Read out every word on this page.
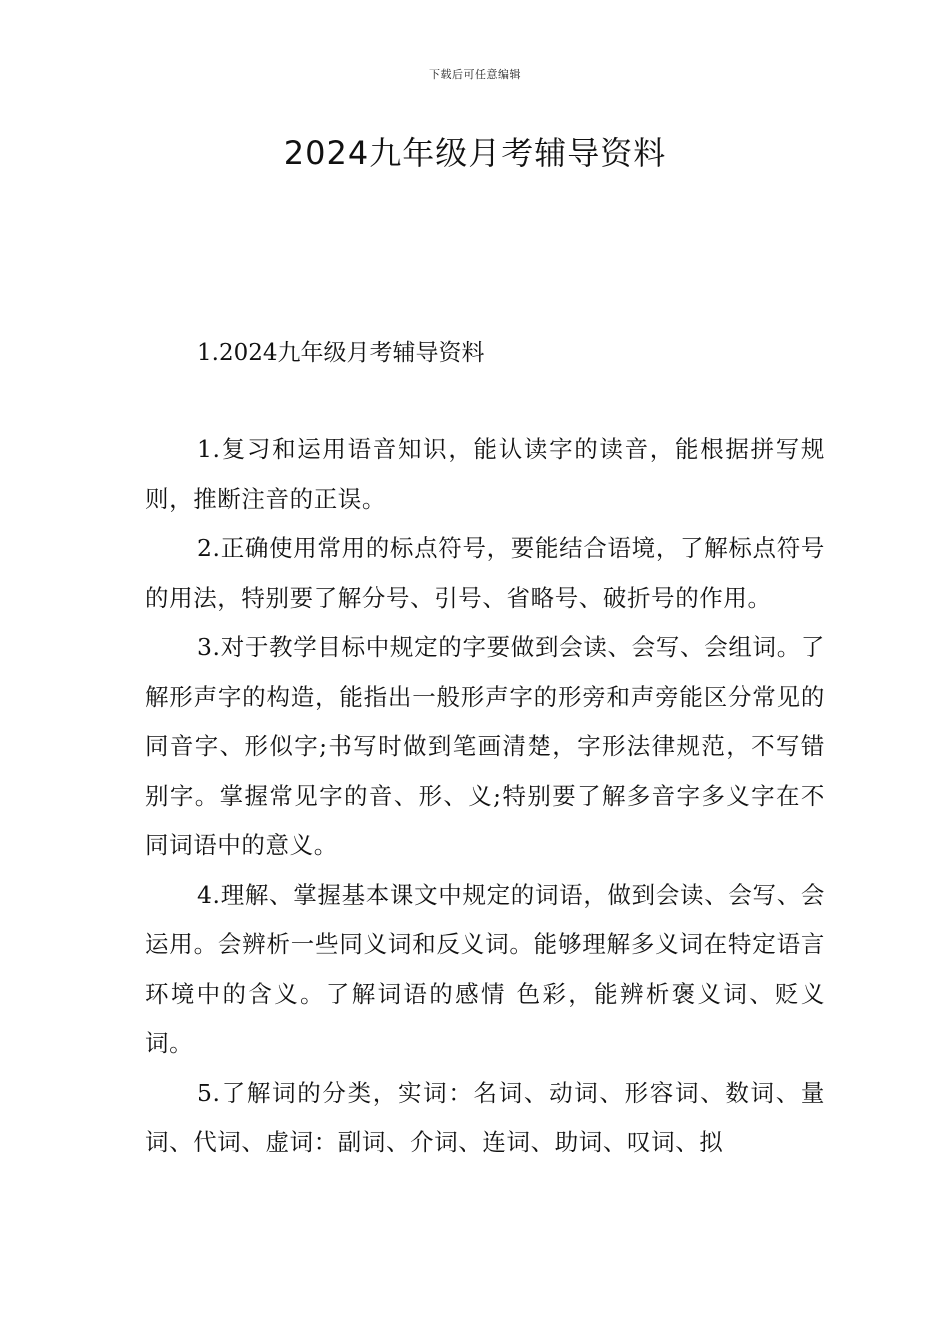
下载后可任意编辑
2024九年级月考辅导资料
1.2024九年级月考辅导资料

1.复习和运用语音知识，能认读字的读音，能根据拼写规则，推断注音的正误。

2.正确使用常用的标点符号，要能结合语境，了解标点符号的用法，特别要了解分号、引号、省略号、破折号的作用。

3.对于教学目标中规定的字要做到会读、会写、会组词。了解形声字的构造，能指出一般形声字的形旁和声旁能区分常见的同音字、形似字;书写时做到笔画清楚，字形法律规范，不写错别字。掌握常见字的音、形、义;特别要了解多音字多义字在不同词语中的意义。

4.理解、掌握基本课文中规定的词语，做到会读、会写、会运用。会辨析一些同义词和反义词。能够理解多义词在特定语言环境中的含义。了解词语的感情 色彩，能辨析褒义词、贬义词。

5.了解词的分类，实词：名词、动词、形容词、数词、量词、代词、虚词：副词、介词、连词、助词、叹词、拟
